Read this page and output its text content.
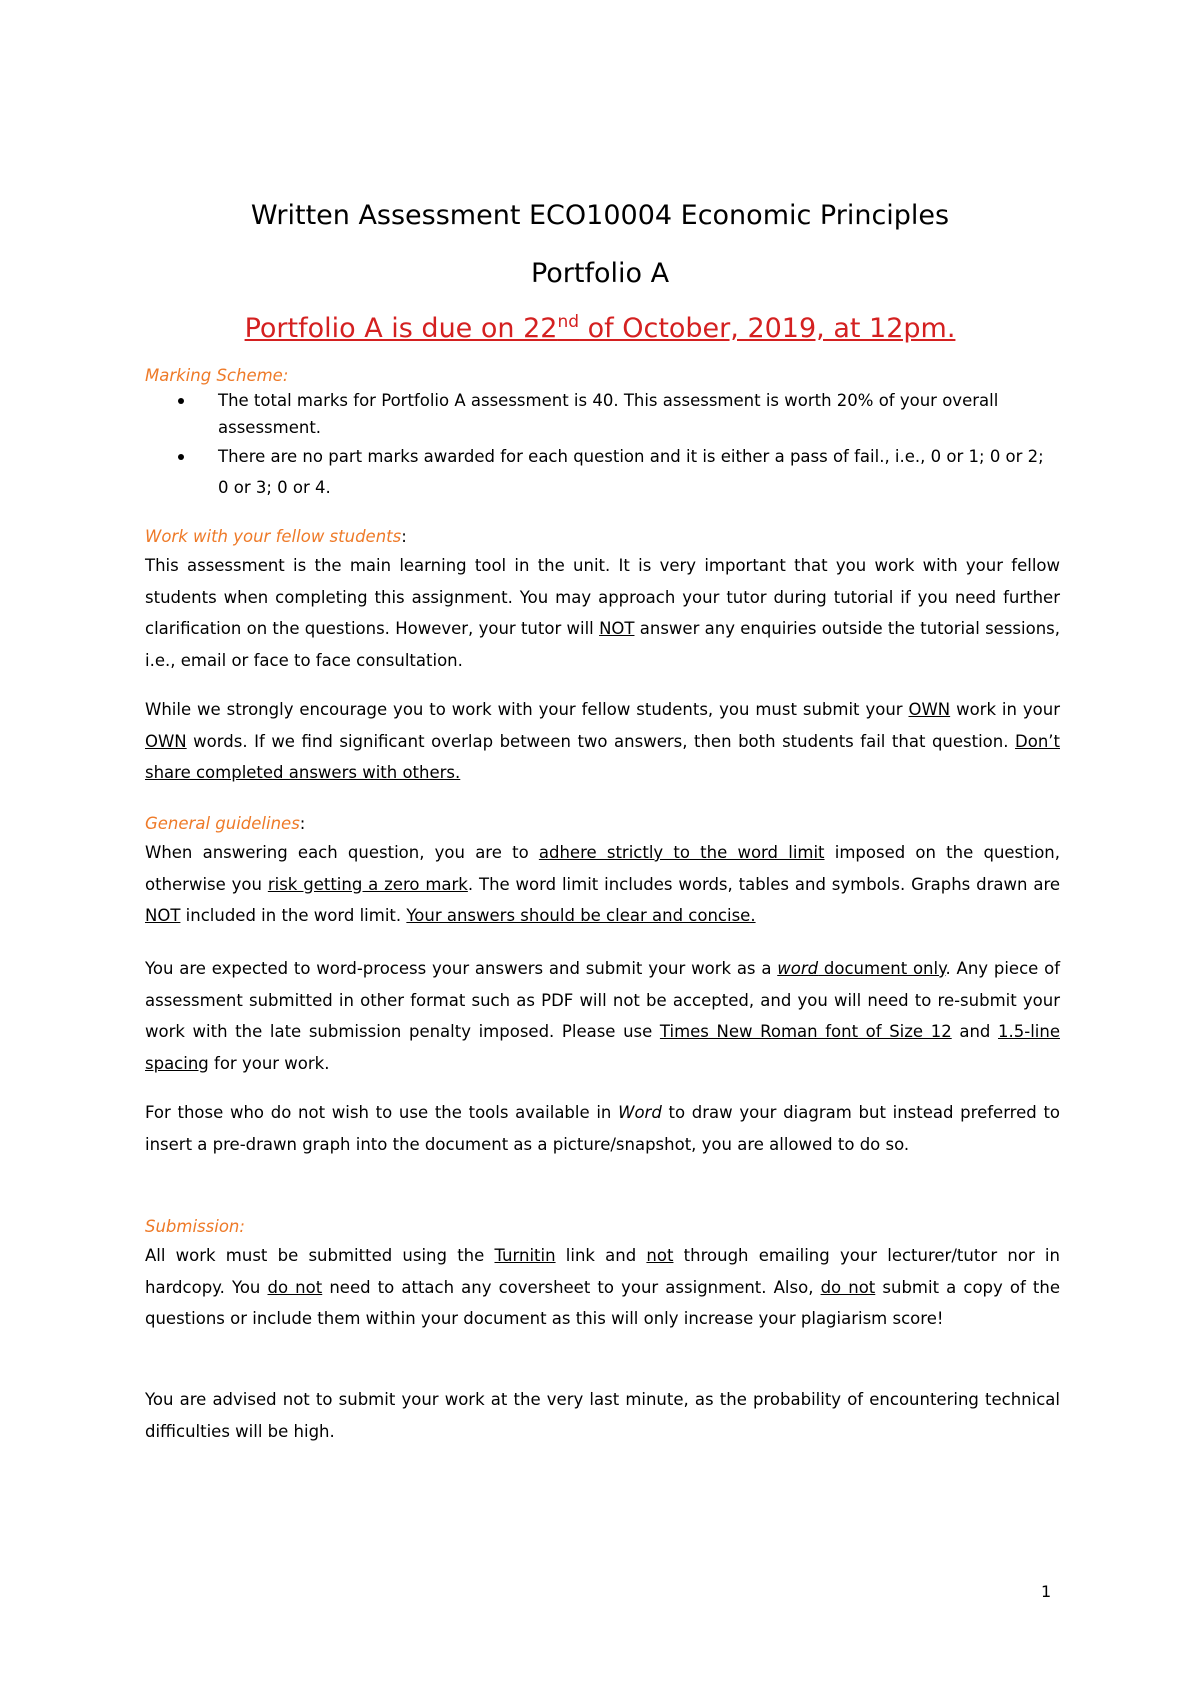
Written Assessment ECO10004 Economic Principles
Portfolio A
Portfolio A is due on 22nd of October, 2019, at 12pm.
Marking Scheme:
The total marks for Portfolio A assessment is 40. This assessment is worth 20% of your overall assessment.
There are no part marks awarded for each question and it is either a pass of fail., i.e., 0 or 1; 0 or 2; 0 or 3; 0 or 4.
Work with your fellow students:
This assessment is the main learning tool in the unit. It is very important that you work with your fellow students when completing this assignment. You may approach your tutor during tutorial if you need further clarification on the questions. However, your tutor will NOT answer any enquiries outside the tutorial sessions, i.e., email or face to face consultation.
While we strongly encourage you to work with your fellow students, you must submit your OWN work in your OWN words. If we find significant overlap between two answers, then both students fail that question. Don’t share completed answers with others.
General guidelines:
When answering each question, you are to adhere strictly to the word limit imposed on the question, otherwise you risk getting a zero mark. The word limit includes words, tables and symbols. Graphs drawn are NOT included in the word limit. Your answers should be clear and concise.
You are expected to word-process your answers and submit your work as a word document only. Any piece of assessment submitted in other format such as PDF will not be accepted, and you will need to re-submit your work with the late submission penalty imposed. Please use Times New Roman font of Size 12 and 1.5-line spacing for your work.
For those who do not wish to use the tools available in Word to draw your diagram but instead preferred to insert a pre-drawn graph into the document as a picture/snapshot, you are allowed to do so.
Submission:
All work must be submitted using the Turnitin link and not through emailing your lecturer/tutor nor in hardcopy. You do not need to attach any coversheet to your assignment. Also, do not submit a copy of the questions or include them within your document as this will only increase your plagiarism score!
You are advised not to submit your work at the very last minute, as the probability of encountering technical difficulties will be high.
1
